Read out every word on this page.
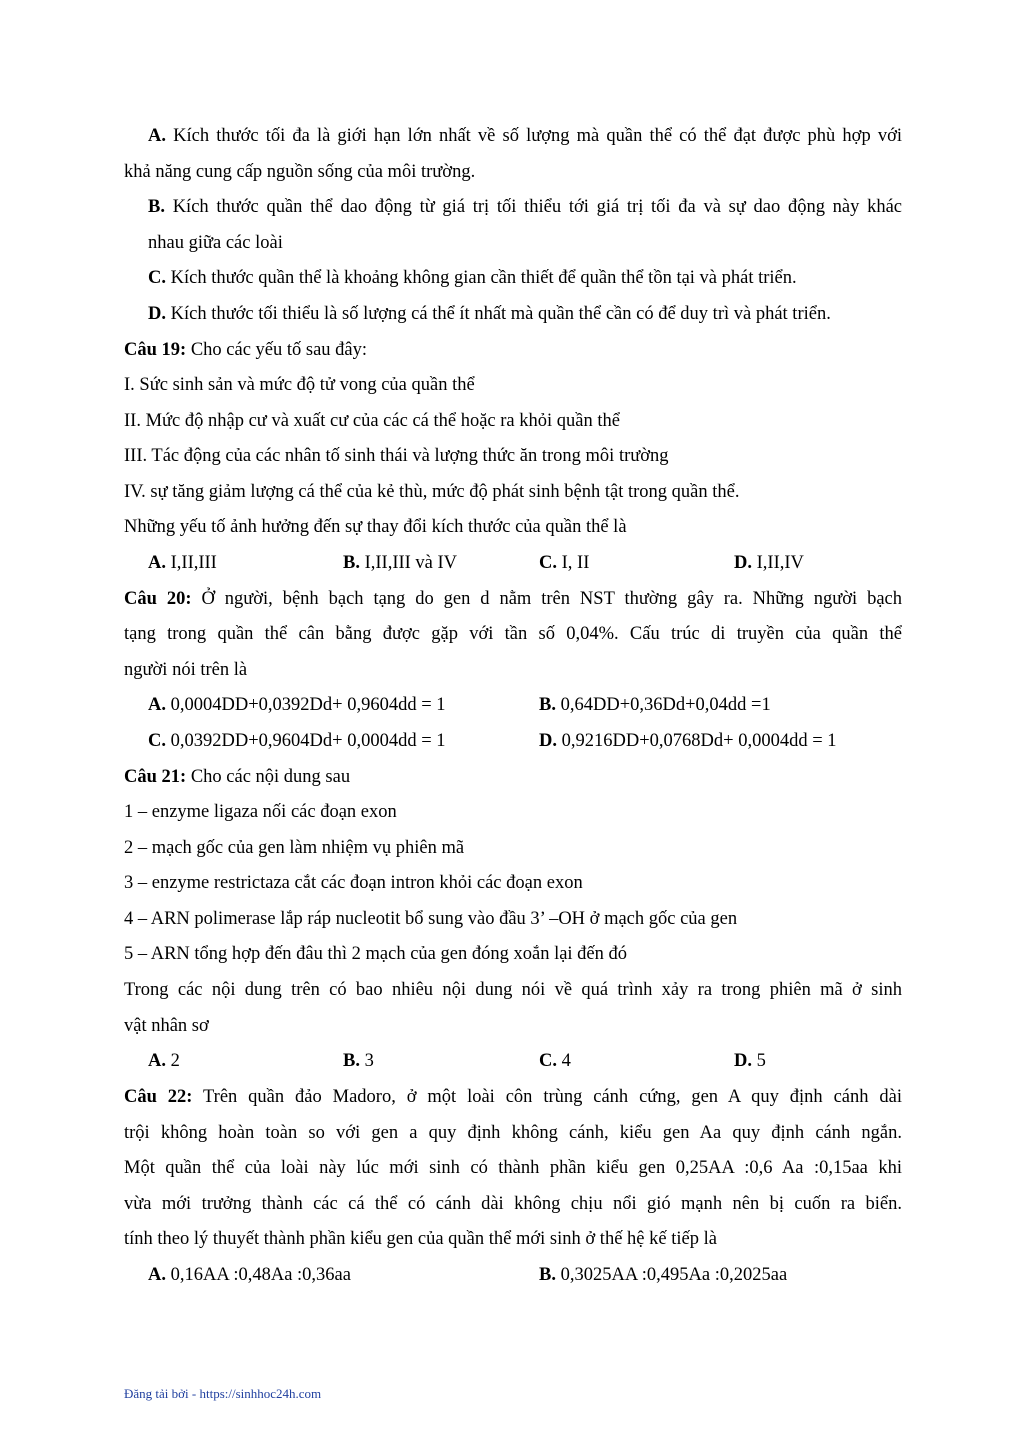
A. Kích thước tối đa là giới hạn lớn nhất về số lượng mà quần thể có thể đạt được phù hợp với
khả năng cung cấp nguồn sống của môi trường.
B. Kích thước quần thể dao động từ giá trị tối thiểu tới giá trị tối đa và sự dao động này khác
nhau giữa các loài
C. Kích thước quần thể là khoảng không gian cần thiết để quần thể tồn tại và phát triển.
D. Kích thước tối thiểu là số lượng cá thể ít nhất mà quần thể cần có để duy trì và phát triển.
Câu 19: Cho các yếu tố sau đây:
I. Sức sinh sản và mức độ tử vong của quần thể
II. Mức độ nhập cư và xuất cư của các cá thể hoặc ra khỏi quần thể
III. Tác động của các nhân tố sinh thái và lượng thức ăn trong môi trường
IV. sự tăng giảm lượng cá thể của kẻ thù, mức độ phát sinh bệnh tật trong quần thể.
Những yếu tố ảnh hưởng đến sự thay đổi kích thước của quần thể là
A. I,II,III	B. I,II,III và IV	C. I, II	D. I,II,IV
Câu 20: Ở người, bệnh bạch tạng do gen d nằm trên NST thường gây ra. Những người bạch
tạng trong quần thể cân bằng được gặp với tần số 0,04%. Cấu trúc di truyền của quần thể
người nói trên là
A. 0,0004DD+0,0392Dd+ 0,9604dd = 1	B. 0,64DD+0,36Dd+0,04dd =1
C. 0,0392DD+0,9604Dd+ 0,0004dd = 1	D. 0,9216DD+0,0768Dd+ 0,0004dd = 1
Câu 21: Cho các nội dung sau
1 – enzyme ligaza nối các đoạn exon
2 – mạch gốc của gen làm nhiệm vụ phiên mã
3 – enzyme restrictaza cắt các đoạn intron khỏi các đoạn exon
4 – ARN polimerase lắp ráp nucleotit bổ sung vào đầu 3’ –OH ở mạch gốc của gen
5 – ARN tổng hợp đến đâu thì 2 mạch của gen đóng xoắn lại đến đó
Trong các nội dung trên có bao nhiêu nội dung nói về quá trình xảy ra trong phiên mã ở sinh
vật nhân sơ
A. 2	B. 3	C. 4	D. 5
Câu 22: Trên quần đảo Madoro, ở một loài côn trùng cánh cứng, gen A quy định cánh dài
trội không hoàn toàn so với gen a quy định không cánh, kiểu gen Aa quy định cánh ngắn.
Một quần thể của loài này lúc mới sinh có thành phần kiểu gen 0,25AA :0,6 Aa :0,15aa khi
vừa mới trưởng thành các cá thể có cánh dài không chịu nổi gió mạnh nên bị cuốn ra biển.
tính theo lý thuyết thành phần kiểu gen của quần thể mới sinh ở thế hệ kế tiếp là
A. 0,16AA :0,48Aa :0,36aa	B. 0,3025AA :0,495Aa :0,2025aa
Đăng tải bởi - https://sinhhoc24h.com
